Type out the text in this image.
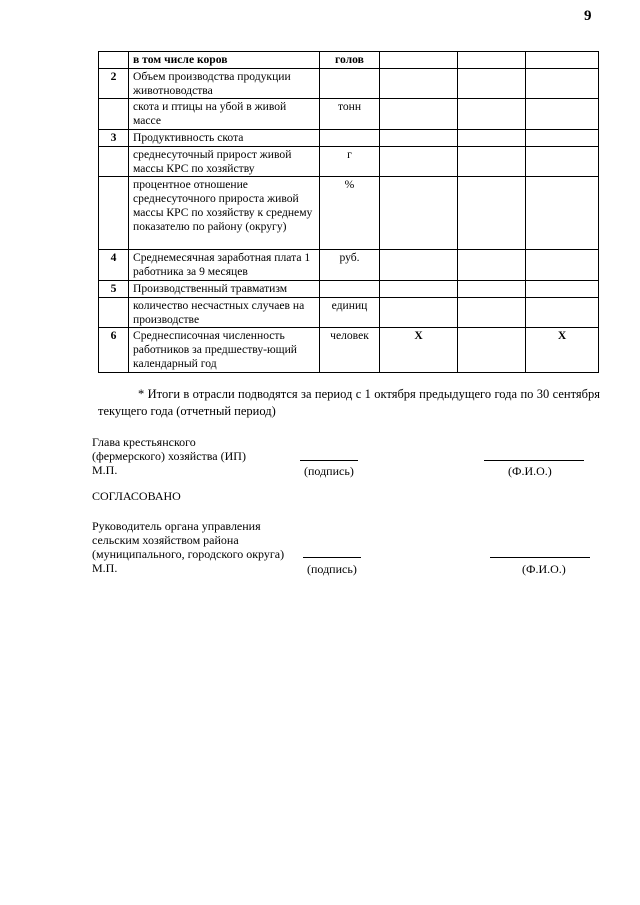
9
	в том числе коров	голов			
2	Объем производства продукции животноводства				
	скота и птицы на убой в живой массе	тонн			
3	Продуктивность скота				
	среднесуточный прирост живой массы КРС по хозяйству	г			
	процентное отношение среднесуточного прироста живой массы КРС по хозяйству к среднему показателю по району (округу)	%			
4	Среднемесячная заработная плата 1 работника за 9 месяцев	руб.			
5	Производственный травматизм				
	количество несчастных случаев на производстве	единиц			
6	Среднесписочная численность работников за предшеству-ющий календарный год	человек	Х		Х
* Итоги в отрасли подводятся за период с 1 октября предыдущего года по 30 сентября текущего года (отчетный период)
Глава крестьянского
(фермерского) хозяйства (ИП)
М.П.	(подпись)	(Ф.И.О.)
СОГЛАСОВАНО
Руководитель органа управления
сельским хозяйством района
(муниципального, городского округа)
М.П.	(подпись)	(Ф.И.О.)
